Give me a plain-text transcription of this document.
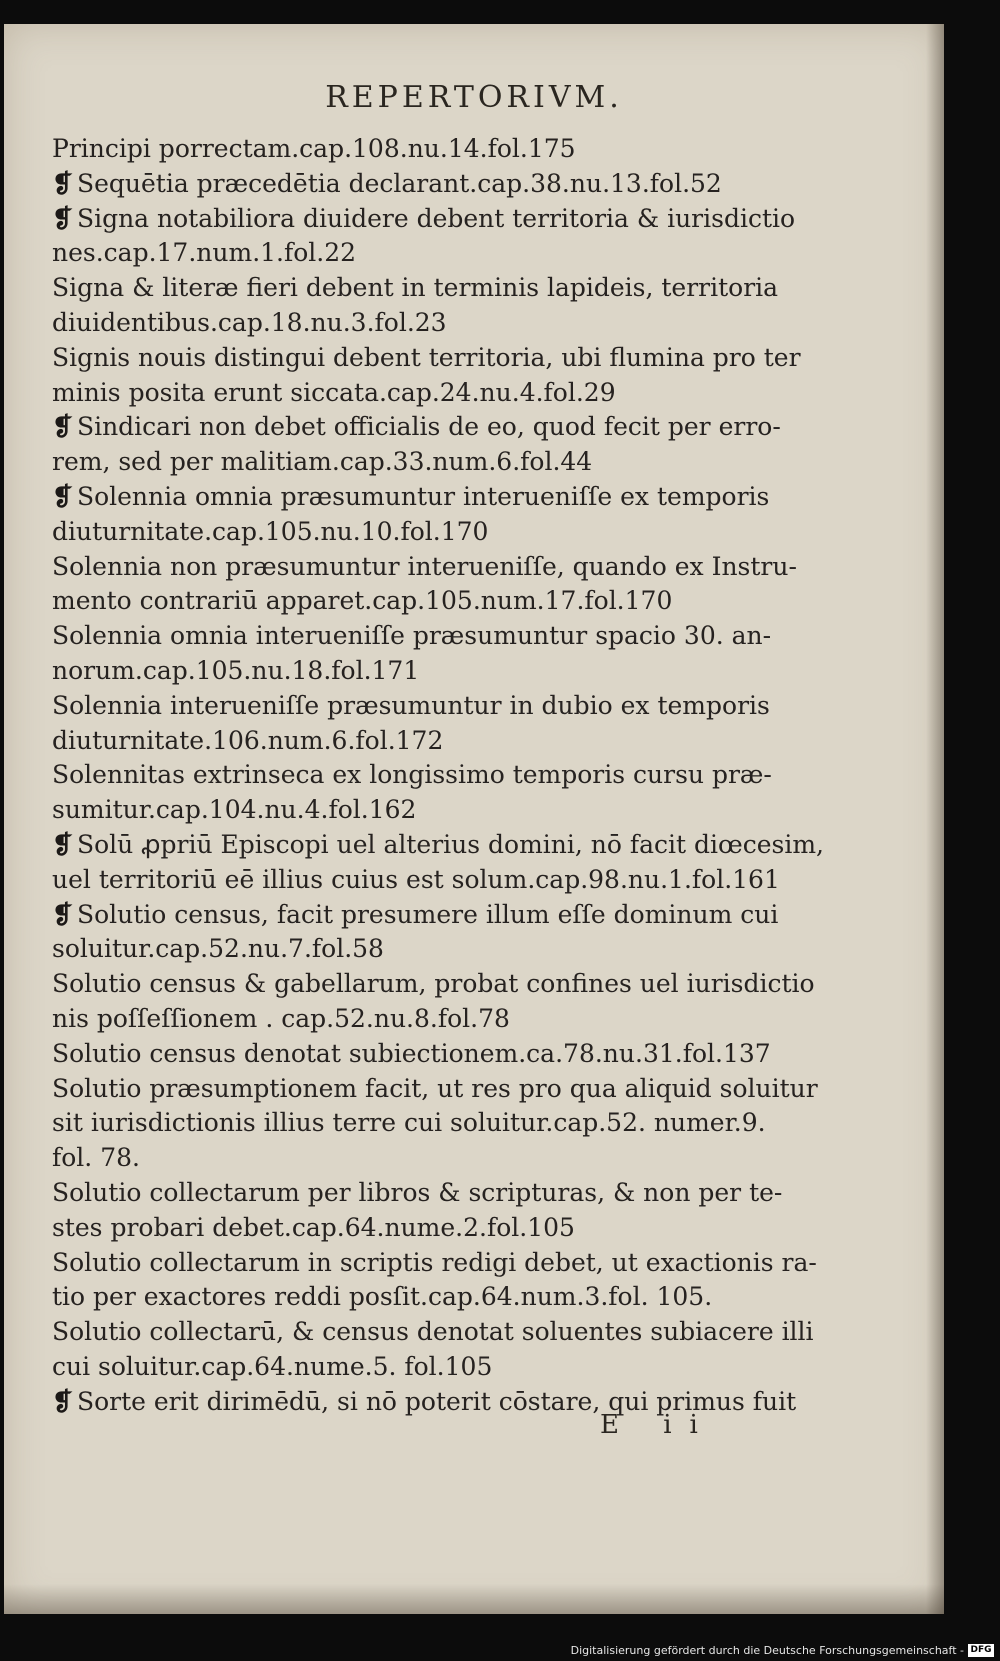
REPERTORIVM.
Principi porrectam.cap.108.nu.14.fol.175
❡ Sequētia præcedētia declarant.cap.38.nu.13.fol.52
❡ Signa notabiliora diuidere debent territoria & iurisdictio
nes.cap.17.num.1.fol.22
Signa & literæ fieri debent in terminis lapideis, territoria
diuidentibus.cap.18.nu.3.fol.23
Signis nouis distingui debent territoria, ubi flumina pro ter
minis posita erunt siccata.cap.24.nu.4.fol.29
❡ Sindicari non debet officialis de eo, quod fecit per erro-
rem, sed per malitiam.cap.33.num.6.fol.44
❡ Solennia omnia præsumuntur interueniſſe ex temporis
diuturnitate.cap.105.nu.10.fol.170
Solennia non præsumuntur interueniſſe, quando ex Instru-
mento contrariū apparet.cap.105.num.17.fol.170
Solennia omnia interueniſſe præsumuntur spacio 30. an-
norum.cap.105.nu.18.fol.171
Solennia interueniſſe præsumuntur in dubio ex temporis
diuturnitate.106.num.6.fol.172
Solennitas extrinseca ex longissimo temporis cursu præ-
sumitur.cap.104.nu.4.fol.162
❡ Solū ꝓpriū Episcopi uel alterius domini, nō facit diœcesim,
uel territoriū eē illius cuius est solum.cap.98.nu.1.fol.161
❡ Solutio census, facit presumere illum eſſe dominum cui
soluitur.cap.52.nu.7.fol.58
Solutio census & gabellarum, probat confines uel iurisdictio
nis poſſeſſionem . cap.52.nu.8.fol.78
Solutio census denotat subiectionem.ca.78.nu.31.fol.137
Solutio præsumptionem facit, ut res pro qua aliquid soluitur
sit iurisdictionis illius terre cui soluitur.cap.52. numer.9.
fol. 78.
Solutio collectarum per libros & scripturas, & non per te-
stes probari debet.cap.64.nume.2.fol.105
Solutio collectarum in scriptis redigi debet, ut exactionis ra-
tio per exactores reddi posſit.cap.64.num.3.fol. 105.
Solutio collectarū, & census denotat soluentes subiacere illi
cui soluitur.cap.64.nume.5. fol.105
❡ Sorte erit dirimēdū, si nō poterit cōstare, qui primus fuit
E ii
Digitalisierung gefördert durch die Deutsche Forschungsgemeinschaft - DFG
